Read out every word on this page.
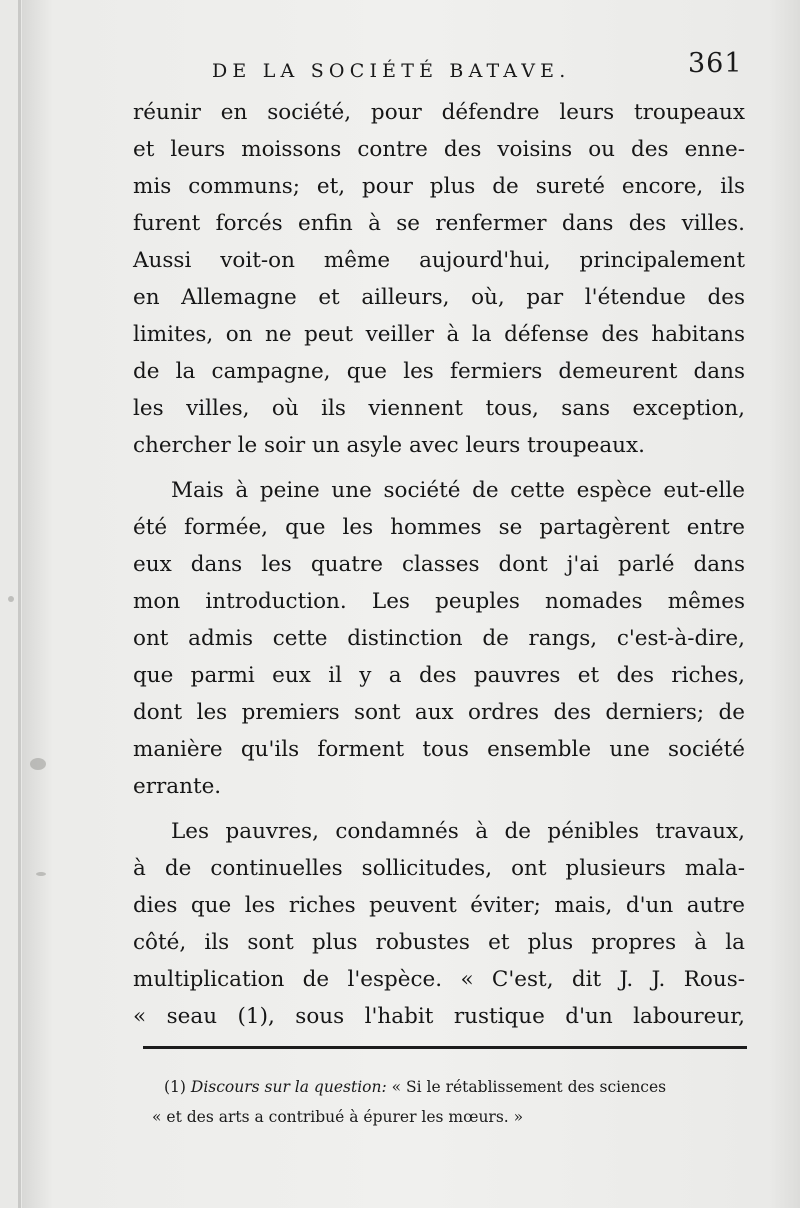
DE LA SOCIÉTÉ BATAVE.	361
réunir en société, pour défendre leurs troupeaux
et leurs moissons contre des voisins ou des enne-
mis communs; et, pour plus de sureté encore, ils
furent forcés enfin à se renfermer dans des villes.
Aussi voit-on même aujourd'hui, principalement
en Allemagne et ailleurs, où, par l'étendue des
limites, on ne peut veiller à la défense des habitans
de la campagne, que les fermiers demeurent dans
les villes, où ils viennent tous, sans exception,
chercher le soir un asyle avec leurs troupeaux.
Mais à peine une société de cette espèce eut-elle
été formée, que les hommes se partagèrent entre
eux dans les quatre classes dont j'ai parlé dans
mon introduction. Les peuples nomades mêmes
ont admis cette distinction de rangs, c'est-à-dire,
que parmi eux il y a des pauvres et des riches,
dont les premiers sont aux ordres des derniers; de
manière qu'ils forment tous ensemble une société
errante.
Les pauvres, condamnés à de pénibles travaux,
à de continuelles sollicitudes, ont plusieurs mala-
dies que les riches peuvent éviter; mais, d'un autre
côté, ils sont plus robustes et plus propres à la
multiplication de l'espèce. « C'est, dit J. J. Rous-
« seau (1), sous l'habit rustique d'un laboureur,
(1) Discours sur la question: « Si le rétablissement des sciences
« et des arts a contribué à épurer les mœurs. »
